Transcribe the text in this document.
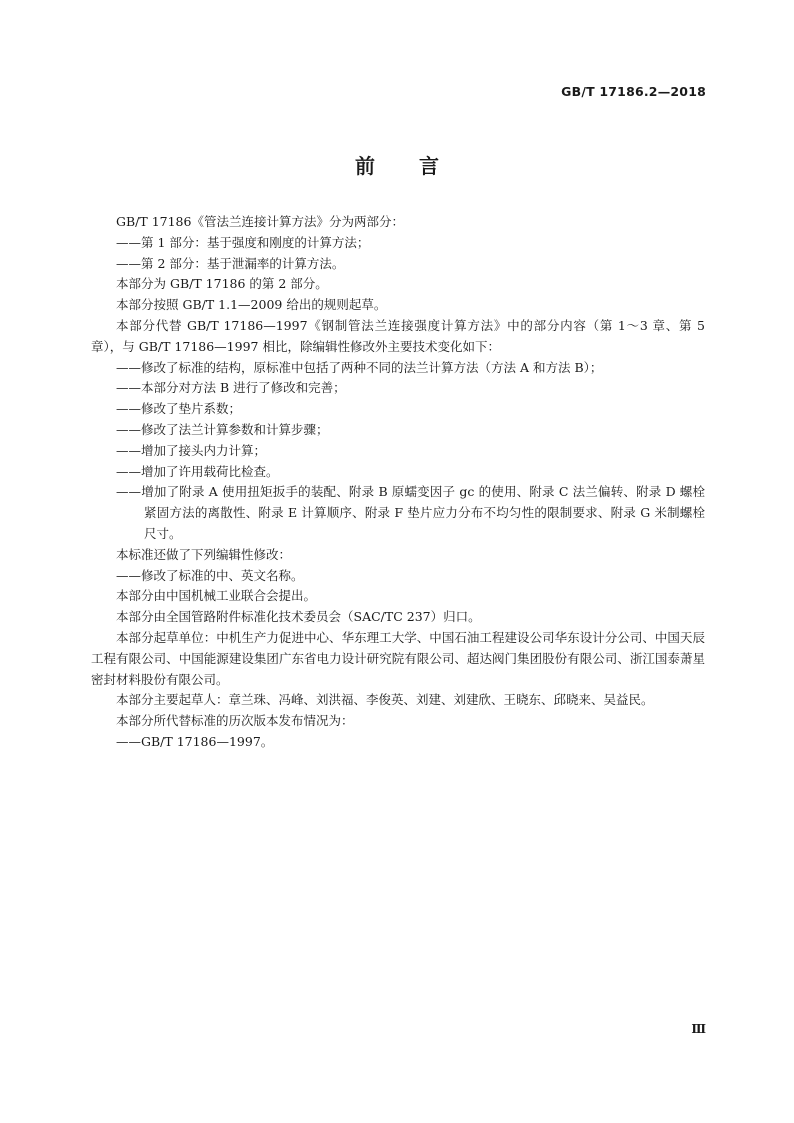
GB/T 17186.2—2018
前言

GB/T 17186《管法兰连接计算方法》分为两部分：

——第 1 部分：基于强度和刚度的计算方法；

——第 2 部分：基于泄漏率的计算方法。

本部分为 GB/T 17186 的第 2 部分。

本部分按照 GB/T 1.1—2009 给出的规则起草。

本部分代替 GB/T 17186—1997《钢制管法兰连接强度计算方法》中的部分内容（第 1～3 章、第 5 章），与 GB/T 17186—1997 相比，除编辑性修改外主要技术变化如下：

——修改了标准的结构，原标准中包括了两种不同的法兰计算方法（方法 A 和方法 B）；

——本部分对方法 B 进行了修改和完善；

——修改了垫片系数；

——修改了法兰计算参数和计算步骤；

——增加了接头内力计算；

——增加了许用载荷比检查。

——增加了附录 A 使用扭矩扳手的装配、附录 B 原蠕变因子 gc 的使用、附录 C 法兰偏转、附录 D 螺栓紧固方法的离散性、附录 E 计算顺序、附录 F 垫片应力分布不均匀性的限制要求、附录 G 米制螺栓尺寸。

本标准还做了下列编辑性修改：

——修改了标准的中、英文名称。

本部分由中国机械工业联合会提出。

本部分由全国管路附件标准化技术委员会（SAC/TC 237）归口。

本部分起草单位：中机生产力促进中心、华东理工大学、中国石油工程建设公司华东设计分公司、中国天辰工程有限公司、中国能源建设集团广东省电力设计研究院有限公司、超达阀门集团股份有限公司、浙江国泰萧星密封材料股份有限公司。

本部分主要起草人：章兰珠、冯峰、刘洪福、李俊英、刘建、刘建欣、王晓东、邱晓来、吴益民。

本部分所代替标准的历次版本发布情况为：

——GB/T 17186—1997。

Ⅲ
